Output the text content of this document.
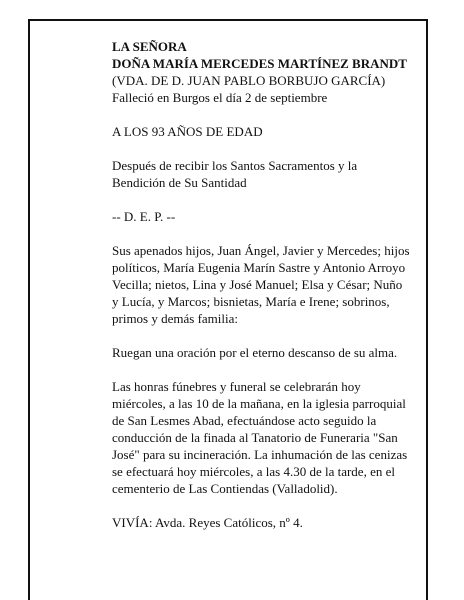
LA SEÑORA

DOÑA MARÍA MERCEDES MARTÍNEZ BRANDT

(VDA. DE D. JUAN PABLO BORBUJO GARCÍA)

Falleció en Burgos el día 2 de septiembre

A LOS 93 AÑOS DE EDAD

Después de recibir los Santos Sacramentos y la Bendición de Su Santidad

-- D. E. P. --

Sus apenados hijos, Juan Ángel, Javier y Mercedes; hijos políticos, María Eugenia Marín Sastre y Antonio Arroyo Vecilla; nietos, Lina y José Manuel; Elsa y César; Nuño y Lucía, y Marcos; bisnietas, María e Irene; sobrinos, primos y demás familia:

Ruegan una oración por el eterno descanso de su alma.

Las honras fúnebres y funeral se celebrarán hoy miércoles, a las 10 de la mañana, en la iglesia parroquial de San Lesmes Abad, efectuándose acto seguido la conducción de la finada al Tanatorio de Funeraria "San José" para su incineración. La inhumación de las cenizas se efectuará hoy miércoles, a las 4.30 de la tarde, en el cementerio de Las Contiendas (Valladolid).

VIVÍA: Avda. Reyes Católicos, nº 4.
